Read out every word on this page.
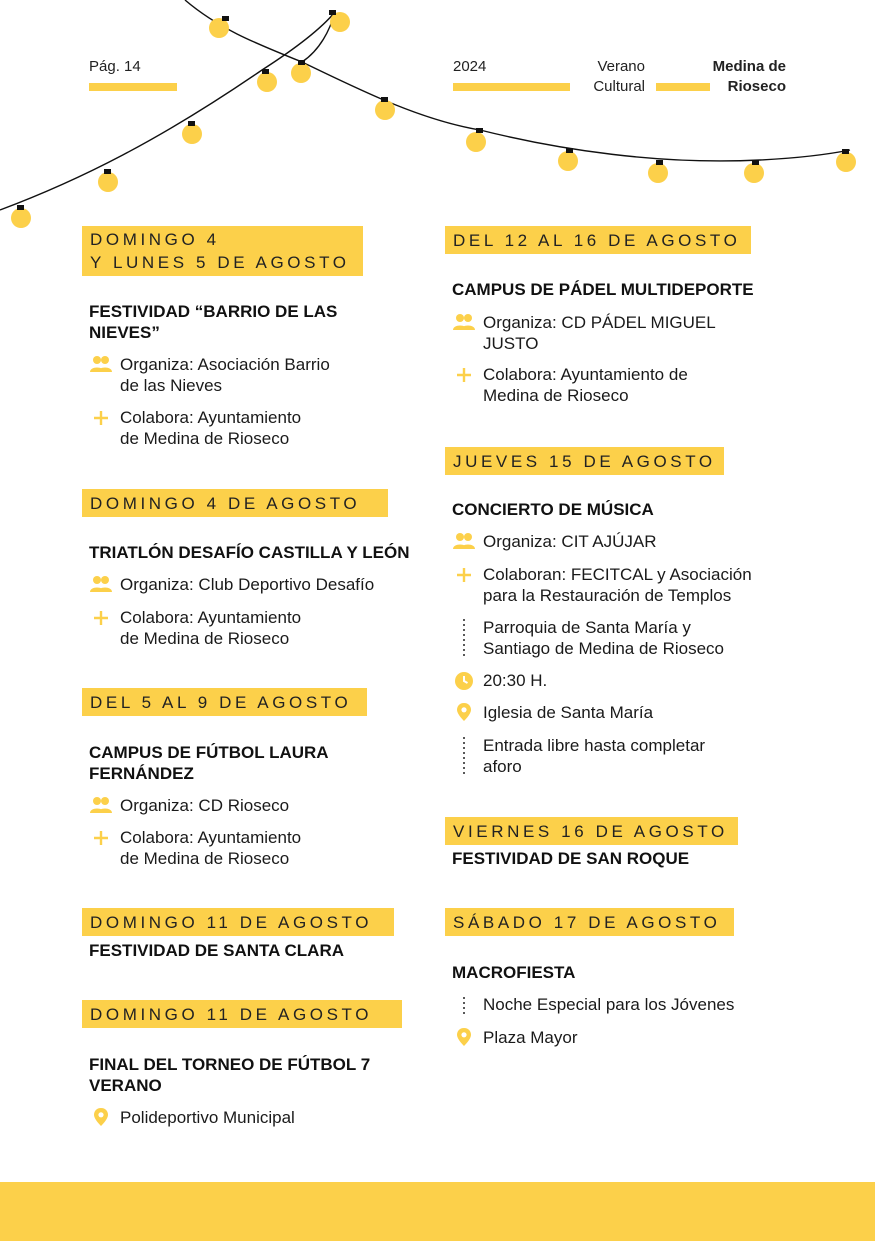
Pág. 14	2024	Verano
Cultural
Medina de
Rioseco
DOMINGO 4
Y LUNES 5 DE AGOSTO
FESTIVIDAD “BARRIO DE LAS
NIEVES”
Organiza: Asociación Barrio
de las Nieves
Colabora: Ayuntamiento
de Medina de Rioseco
DOMINGO 4 DE AGOSTO
TRIATLÓN DESAFÍO CASTILLA Y LEÓN
Organiza: Club Deportivo Desafío
Colabora: Ayuntamiento
de Medina de Rioseco
DEL 5 AL 9 DE AGOSTO
CAMPUS DE FÚTBOL LAURA
FERNÁNDEZ
Organiza: CD Rioseco
Colabora: Ayuntamiento
de Medina de Rioseco
DOMINGO 11 DE AGOSTO
FESTIVIDAD DE SANTA CLARA
DOMINGO 11 DE AGOSTO
FINAL DEL TORNEO DE FÚTBOL 7
VERANO
Polideportivo Municipal
DEL 12 AL 16 DE AGOSTO
CAMPUS DE PÁDEL MULTIDEPORTE
Organiza: CD PÁDEL MIGUEL
JUSTO
Colabora: Ayuntamiento de
Medina de Rioseco
JUEVES 15 DE AGOSTO
CONCIERTO DE MÚSICA
Organiza: CIT AJÚJAR
Colaboran: FECITCAL y Asociación
para la Restauración de Templos
Parroquia de Santa María y
Santiago de Medina de Rioseco
20:30 H.
Iglesia de Santa María
Entrada libre hasta completar
aforo
VIERNES 16 DE AGOSTO
FESTIVIDAD DE SAN ROQUE
SÁBADO 17 DE AGOSTO
MACROFIESTA
Noche Especial para los Jóvenes
Plaza Mayor
